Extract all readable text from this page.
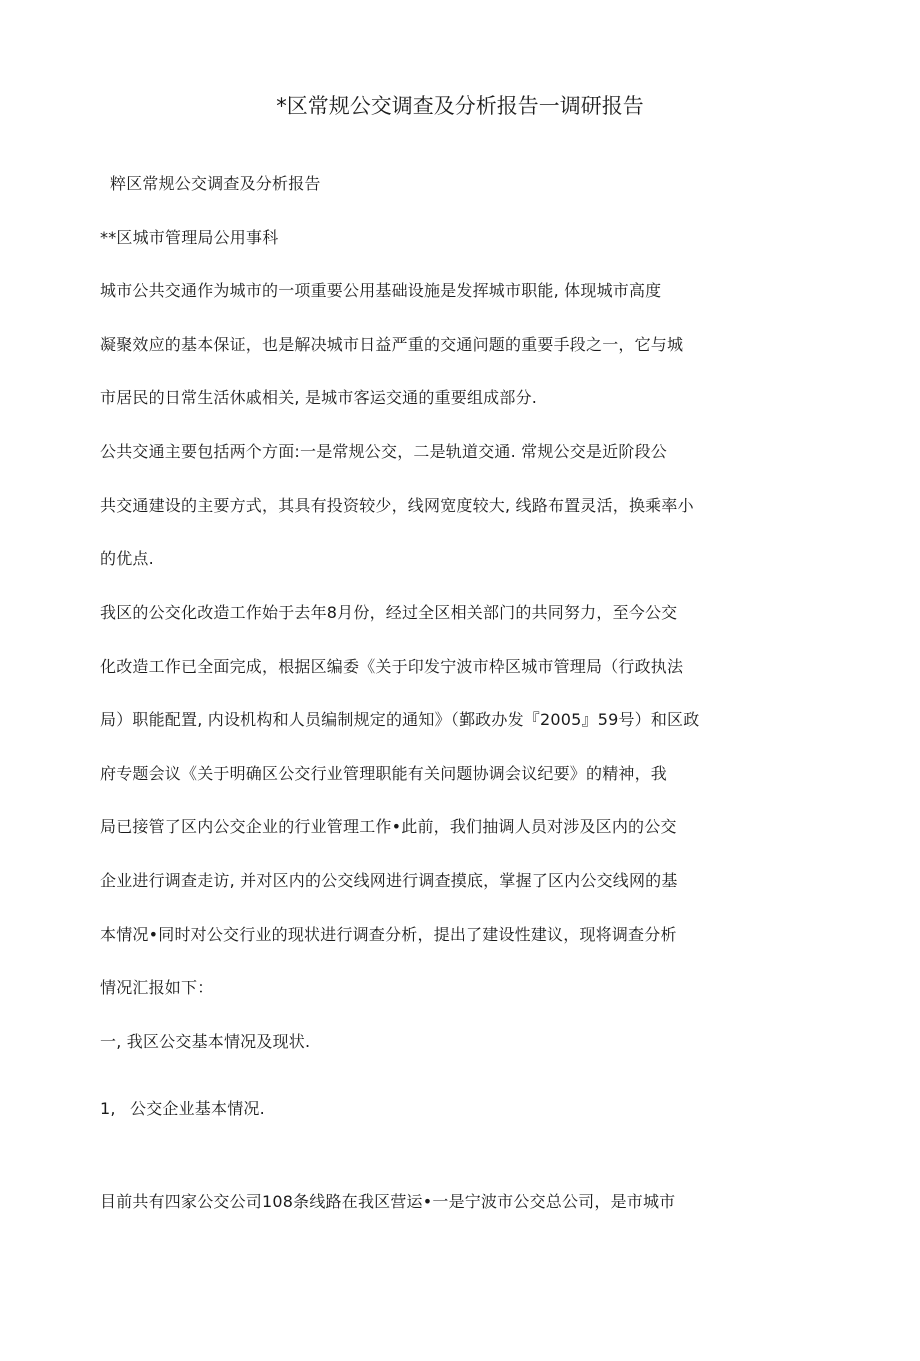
*区常规公交调查及分析报告一调研报告
粹区常规公交调查及分析报告
**区城市管理局公用事科
城市公共交通作为城市的一项重要公用基础设施是发挥城市职能, 体现城市高度
凝聚效应的基本保证，也是解决城市日益严重的交通问题的重要手段之一，它与城
市居民的日常生活休戚相关, 是城市客运交通的重要组成部分.
公共交通主要包括两个方面:一是常规公交，二是轨道交通. 常规公交是近阶段公
共交通建设的主要方式，其具有投资较少，线网宽度较大, 线路布置灵活，换乘率小
的优点.
我区的公交化改造工作始于去年8月份，经过全区相关部门的共同努力，至今公交
化改造工作已全面完成，根据区编委《关于印发宁波市枠区城市管理局（行政执法
局）职能配置, 内设机构和人员编制规定的通知》（鄞政办发『2005』59号）和区政
府专题会议《关于明确区公交行业管理职能有关问题协调会议纪要》的精神，我
局已接管了区内公交企业的行业管理工作•此前，我们抽调人员对涉及区内的公交
企业进行调查走访, 并对区内的公交线网进行调查摸底，掌握了区内公交线网的基
本情况•同时对公交行业的现状进行调查分析，提出了建设性建议，现将调查分析
情况汇报如下：
一, 我区公交基本情况及现状.
1, 公交企业基本情况.
目前共有四家公交公司108条线路在我区营运•一是宁波市公交总公司，是市城市
